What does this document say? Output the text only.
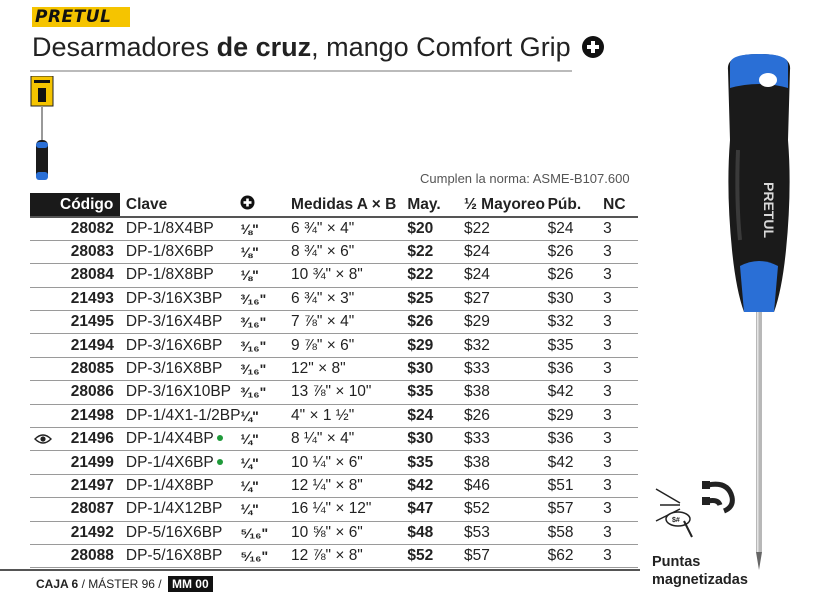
PRETUL
Desarmadores de cruz, mango Comfort Grip
Cumplen la norma: ASME-B107.600
Código	Clave		Medidas A × B	May.	½ Mayoreo	Púb.	NC
28082	DP-1/8X4BP	⅛"	6 ¾" × 4"	$20	$22	$24	3
28083	DP-1/8X6BP	⅛"	8 ¾" × 6"	$22	$24	$26	3
28084	DP-1/8X8BP	⅛"	10 ¾" × 8"	$22	$24	$26	3
21493	DP-3/16X3BP	³⁄₁₆"	6 ¾" × 3"	$25	$27	$30	3
21495	DP-3/16X4BP	³⁄₁₆"	7 ⅞" × 4"	$26	$29	$32	3
21494	DP-3/16X6BP	³⁄₁₆"	9 ⅞" × 6"	$29	$32	$35	3
28085	DP-3/16X8BP	³⁄₁₆"	12" × 8"	$30	$33	$36	3
28086	DP-3/16X10BP	³⁄₁₆"	13 ⅞" × 10"	$35	$38	$42	3
21498	DP-1/4X1-1/2BP	¼"	4" × 1 ½"	$24	$26	$29	3

21496	DP-1/4X4BP	¼"	8 ¼" × 4"	$30	$33	$36	3
21499	DP-1/4X6BP	¼"	10 ¼" × 6"	$35	$38	$42	3
21497	DP-1/4X8BP	¼"	12 ¼" × 8"	$42	$46	$51	3
28087	DP-1/4X12BP	¼"	16 ¼" × 12"	$47	$52	$57	3
21492	DP-5/16X6BP	⁵⁄₁₆"	10 ⅝" × 6"	$48	$53	$58	3
28088	DP-5/16X8BP	⁵⁄₁₆"	12 ⅞" × 8"	$52	$57	$62	3
CAJA 6 / MÁSTER 96 / MM 00
PRETUL
$#
Puntas
magnetizadas
